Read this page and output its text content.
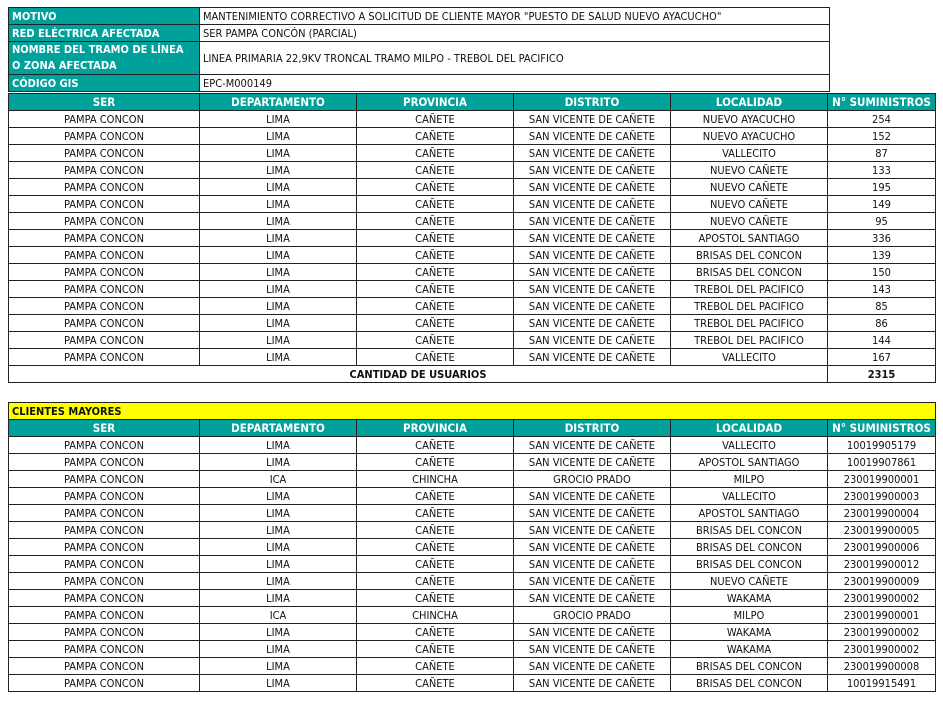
MOTIVO	MANTENIMIENTO CORRECTIVO A SOLICITUD DE CLIENTE MAYOR "PUESTO DE SALUD NUEVO AYACUCHO"
RED ELÉCTRICA AFECTADA	SER PAMPA CONCÓN (PARCIAL)
NOMBRE DEL TRAMO DE LÍNEA
O ZONA AFECTADA	LINEA PRIMARIA 22,9KV TRONCAL TRAMO MILPO - TREBOL DEL PACIFICO
CÓDIGO GIS	EPC-M000149
SER	DEPARTAMENTO	PROVINCIA	DISTRITO	LOCALIDAD	N° SUMINISTROS
PAMPA CONCON	LIMA	CAÑETE	SAN VICENTE DE CAÑETE	NUEVO AYACUCHO	254
PAMPA CONCON	LIMA	CAÑETE	SAN VICENTE DE CAÑETE	NUEVO AYACUCHO	152
PAMPA CONCON	LIMA	CAÑETE	SAN VICENTE DE CAÑETE	VALLECITO	87
PAMPA CONCON	LIMA	CAÑETE	SAN VICENTE DE CAÑETE	NUEVO CAÑETE	133
PAMPA CONCON	LIMA	CAÑETE	SAN VICENTE DE CAÑETE	NUEVO CAÑETE	195
PAMPA CONCON	LIMA	CAÑETE	SAN VICENTE DE CAÑETE	NUEVO CAÑETE	149
PAMPA CONCON	LIMA	CAÑETE	SAN VICENTE DE CAÑETE	NUEVO CAÑETE	95
PAMPA CONCON	LIMA	CAÑETE	SAN VICENTE DE CAÑETE	APOSTOL SANTIAGO	336
PAMPA CONCON	LIMA	CAÑETE	SAN VICENTE DE CAÑETE	BRISAS DEL CONCON	139
PAMPA CONCON	LIMA	CAÑETE	SAN VICENTE DE CAÑETE	BRISAS DEL CONCON	150
PAMPA CONCON	LIMA	CAÑETE	SAN VICENTE DE CAÑETE	TREBOL DEL PACIFICO	143
PAMPA CONCON	LIMA	CAÑETE	SAN VICENTE DE CAÑETE	TREBOL DEL PACIFICO	85
PAMPA CONCON	LIMA	CAÑETE	SAN VICENTE DE CAÑETE	TREBOL DEL PACIFICO	86
PAMPA CONCON	LIMA	CAÑETE	SAN VICENTE DE CAÑETE	TREBOL DEL PACIFICO	144
PAMPA CONCON	LIMA	CAÑETE	SAN VICENTE DE CAÑETE	VALLECITO	167
CANTIDAD DE USUARIOS					2315
CLIENTES MAYORES					
SER	DEPARTAMENTO	PROVINCIA	DISTRITO	LOCALIDAD	N° SUMINISTROS
PAMPA CONCON	LIMA	CAÑETE	SAN VICENTE DE CAÑETE	VALLECITO	10019905179
PAMPA CONCON	LIMA	CAÑETE	SAN VICENTE DE CAÑETE	APOSTOL SANTIAGO	10019907861
PAMPA CONCON	ICA	CHINCHA	GROCIO PRADO	MILPO	230019900001
PAMPA CONCON	LIMA	CAÑETE	SAN VICENTE DE CAÑETE	VALLECITO	230019900003
PAMPA CONCON	LIMA	CAÑETE	SAN VICENTE DE CAÑETE	APOSTOL SANTIAGO	230019900004
PAMPA CONCON	LIMA	CAÑETE	SAN VICENTE DE CAÑETE	BRISAS DEL CONCON	230019900005
PAMPA CONCON	LIMA	CAÑETE	SAN VICENTE DE CAÑETE	BRISAS DEL CONCON	230019900006
PAMPA CONCON	LIMA	CAÑETE	SAN VICENTE DE CAÑETE	BRISAS DEL CONCON	230019900012
PAMPA CONCON	LIMA	CAÑETE	SAN VICENTE DE CAÑETE	NUEVO CAÑETE	230019900009
PAMPA CONCON	LIMA	CAÑETE	SAN VICENTE DE CAÑETE	WAKAMA	230019900002
PAMPA CONCON	ICA	CHINCHA	GROCIO PRADO	MILPO	230019900001
PAMPA CONCON	LIMA	CAÑETE	SAN VICENTE DE CAÑETE	WAKAMA	230019900002
PAMPA CONCON	LIMA	CAÑETE	SAN VICENTE DE CAÑETE	WAKAMA	230019900002
PAMPA CONCON	LIMA	CAÑETE	SAN VICENTE DE CAÑETE	BRISAS DEL CONCON	230019900008
PAMPA CONCON	LIMA	CAÑETE	SAN VICENTE DE CAÑETE	BRISAS DEL CONCON	10019915491
